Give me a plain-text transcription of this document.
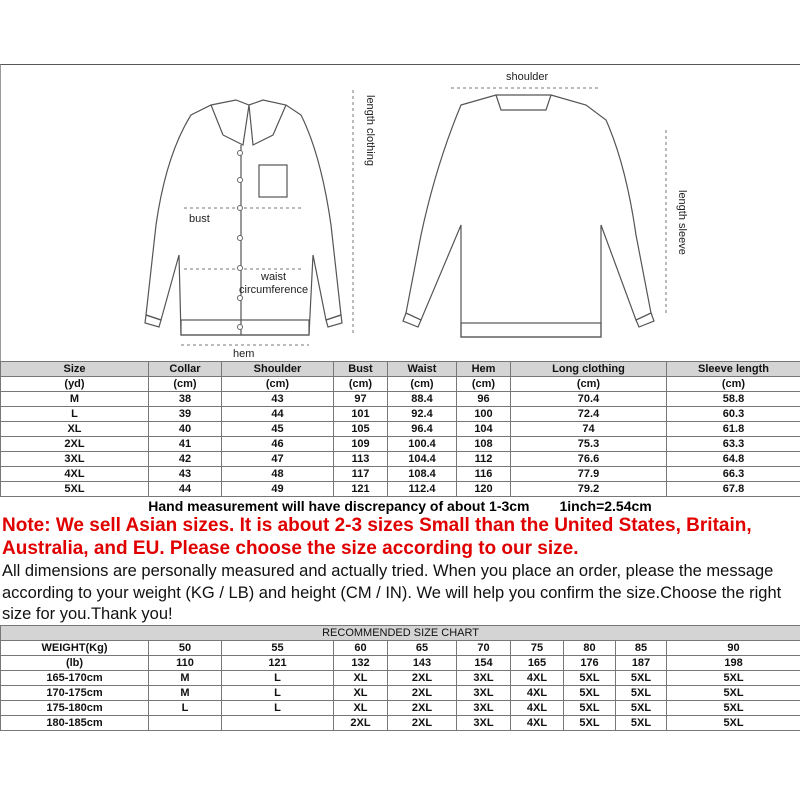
shoulder
length clothing
bust
waist
circumference
hem
length sleeve
Size	Collar	Shoulder	Bust	Waist	Hem	Long clothing	Sleeve length
(yd)	(cm)	(cm)	(cm)	(cm)	(cm)	(cm)	(cm)
M	38	43	97	88.4	96	70.4	58.8
L	39	44	101	92.4	100	72.4	60.3
XL	40	45	105	96.4	104	74	61.8
2XL	41	46	109	100.4	108	75.3	63.3
3XL	42	47	113	104.4	112	76.6	64.8
4XL	43	48	117	108.4	116	77.9	66.3
5XL	44	49	121	112.4	120	79.2	67.8
Hand measurement will have discrepancy of about 1-3cm 1inch=2.54cm
Note: We sell Asian sizes. It is about 2-3 sizes Small than the United States, Britain, Australia, and EU. Please choose the size according to our size.
All dimensions are personally measured and actually tried. When you place an order, please the message according to your weight (KG / LB) and height (CM / IN). We will help you confirm the size.Choose the right size for you.Thank you!
RECOMMENDED SIZE CHART									
WEIGHT(Kg)	50	55	60	65	70	75	80	85	90
(lb)	110	121	132	143	154	165	176	187	198
165-170cm	M	L	XL	2XL	3XL	4XL	5XL	5XL	5XL
170-175cm	M	L	XL	2XL	3XL	4XL	5XL	5XL	5XL
175-180cm	L	L	XL	2XL	3XL	4XL	5XL	5XL	5XL
180-185cm			2XL	2XL	3XL	4XL	5XL	5XL	5XL
